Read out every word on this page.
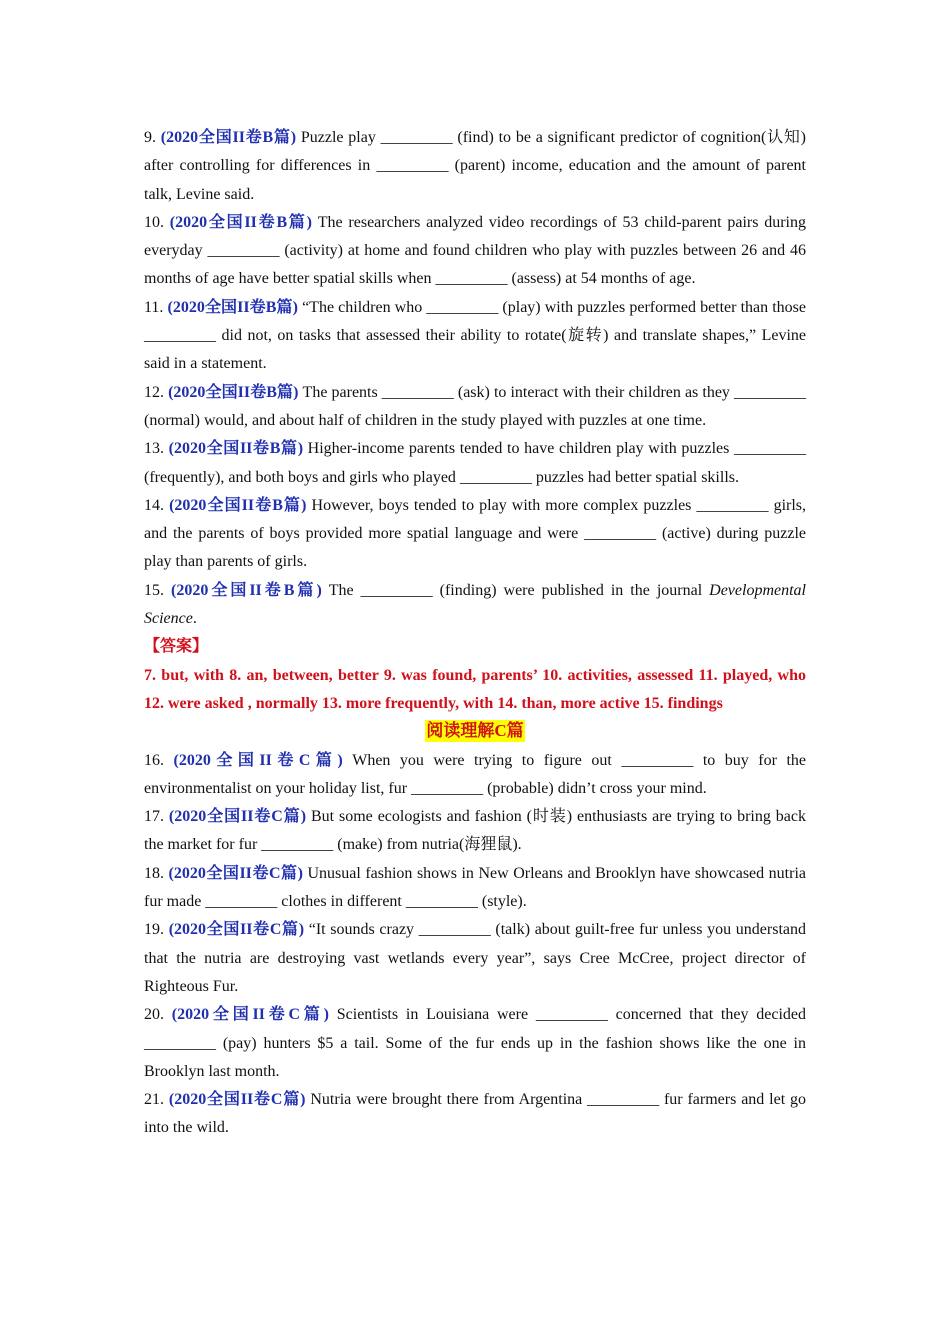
9. (2020全国II卷B篇) Puzzle play _________ (find) to be a significant predictor of cognition(认知) after controlling for differences in _________ (parent) income, education and the amount of parent talk, Levine said.

10. (2020全国II卷B篇) The researchers analyzed video recordings of 53 child-parent pairs during everyday _________ (activity) at home and found children who play with puzzles between 26 and 46 months of age have better spatial skills when _________ (assess) at 54 months of age.

11. (2020全国II卷B篇) “The children who _________ (play) with puzzles performed better than those _________ did not, on tasks that assessed their ability to rotate(旋转) and translate shapes,” Levine said in a statement.

12. (2020全国II卷B篇) The parents _________ (ask) to interact with their children as they _________ (normal) would, and about half of children in the study played with puzzles at one time.

13. (2020全国II卷B篇) Higher-income parents tended to have children play with puzzles _________ (frequently), and both boys and girls who played _________ puzzles had better spatial skills.

14. (2020全国II卷B篇) However, boys tended to play with more complex puzzles _________ girls, and the parents of boys provided more spatial language and were _________ (active) during puzzle play than parents of girls.

15. (2020全国II卷B篇) The _________ (finding) were published in the journal Developmental Science.

【答案】

7. but, with 8. an, between, better 9. was found, parents’ 10. activities, assessed 11. played, who 12. were asked , normally 13. more frequently, with 14. than, more active 15. findings

阅读理解C篇

16. (2020全国II卷C篇) When you were trying to figure out _________ to buy for the environmentalist on your holiday list, fur _________ (probable) didn’t cross your mind.

17. (2020全国II卷C篇) But some ecologists and fashion (时装) enthusiasts are trying to bring back the market for fur _________ (make) from nutria(海狸鼠).

18. (2020全国II卷C篇) Unusual fashion shows in New Orleans and Brooklyn have showcased nutria fur made _________ clothes in different _________ (style).

19. (2020全国II卷C篇) “It sounds crazy _________ (talk) about guilt-free fur unless you understand that the nutria are destroying vast wetlands every year”, says Cree McCree, project director of Righteous Fur.

20. (2020全国II卷C篇) Scientists in Louisiana were _________ concerned that they decided _________ (pay) hunters $5 a tail. Some of the fur ends up in the fashion shows like the one in Brooklyn last month.

21. (2020全国II卷C篇) Nutria were brought there from Argentina _________ fur farmers and let go into the wild.
